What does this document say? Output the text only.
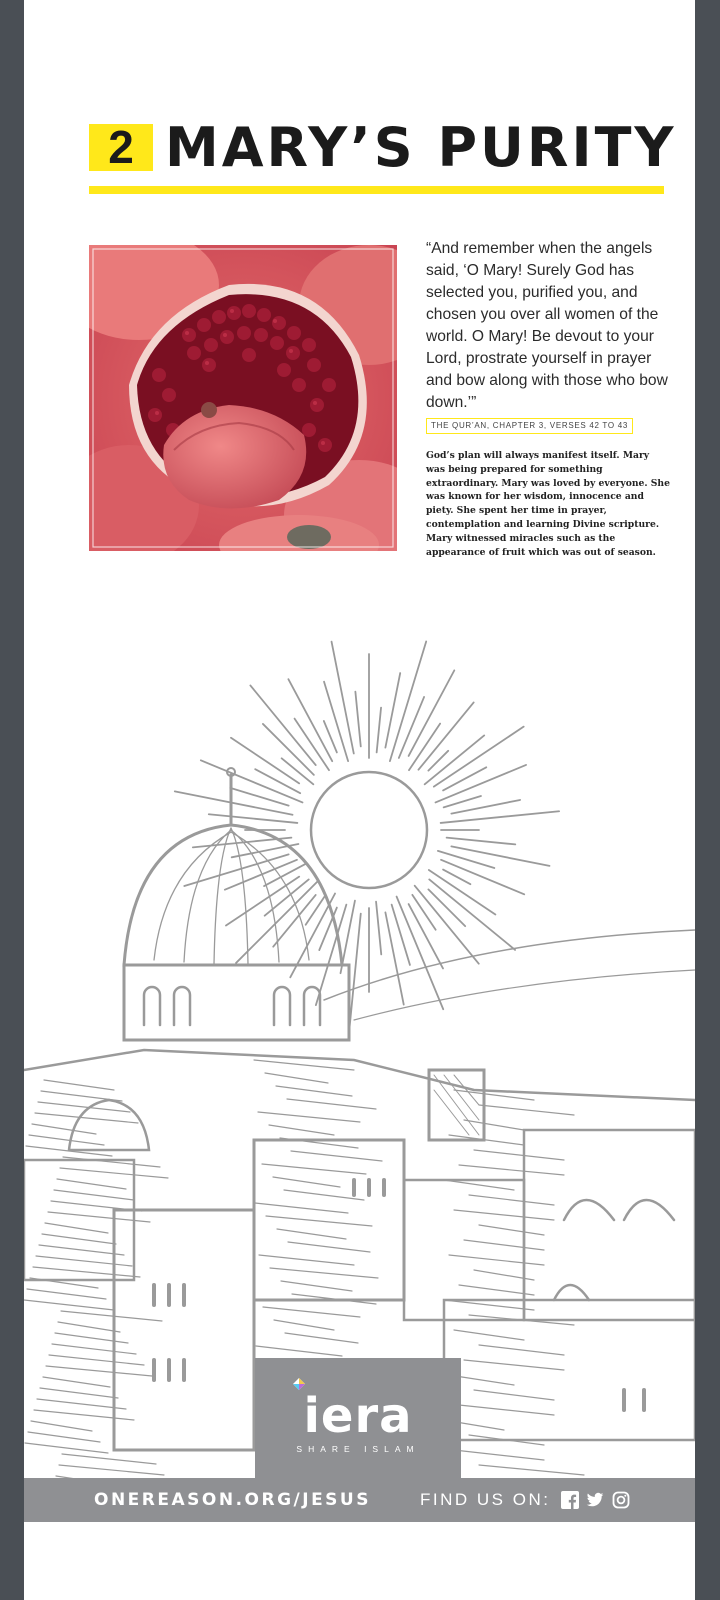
2 MARY’S PURITY
“And remember when the angels said, ‘O Mary! Surely God has selected you, purified you, and chosen you over all women of the world. O Mary! Be devout to your Lord, prostrate yourself in prayer and bow along with those who bow down.’”
THE QUR’AN, CHAPTER 3, VERSES 42 TO 43
God’s plan will always manifest itself. Mary was being prepared for something extraordinary. Mary was loved by everyone. She was known for her wisdom, innocence and piety. She spent her time in prayer, contemplation and learning Divine scripture. Mary witnessed miracles such as the appearance of fruit which was out of season.
iera
SHARE ISLAM
ONEREASON.ORG/JESUS	FIND US ON:
